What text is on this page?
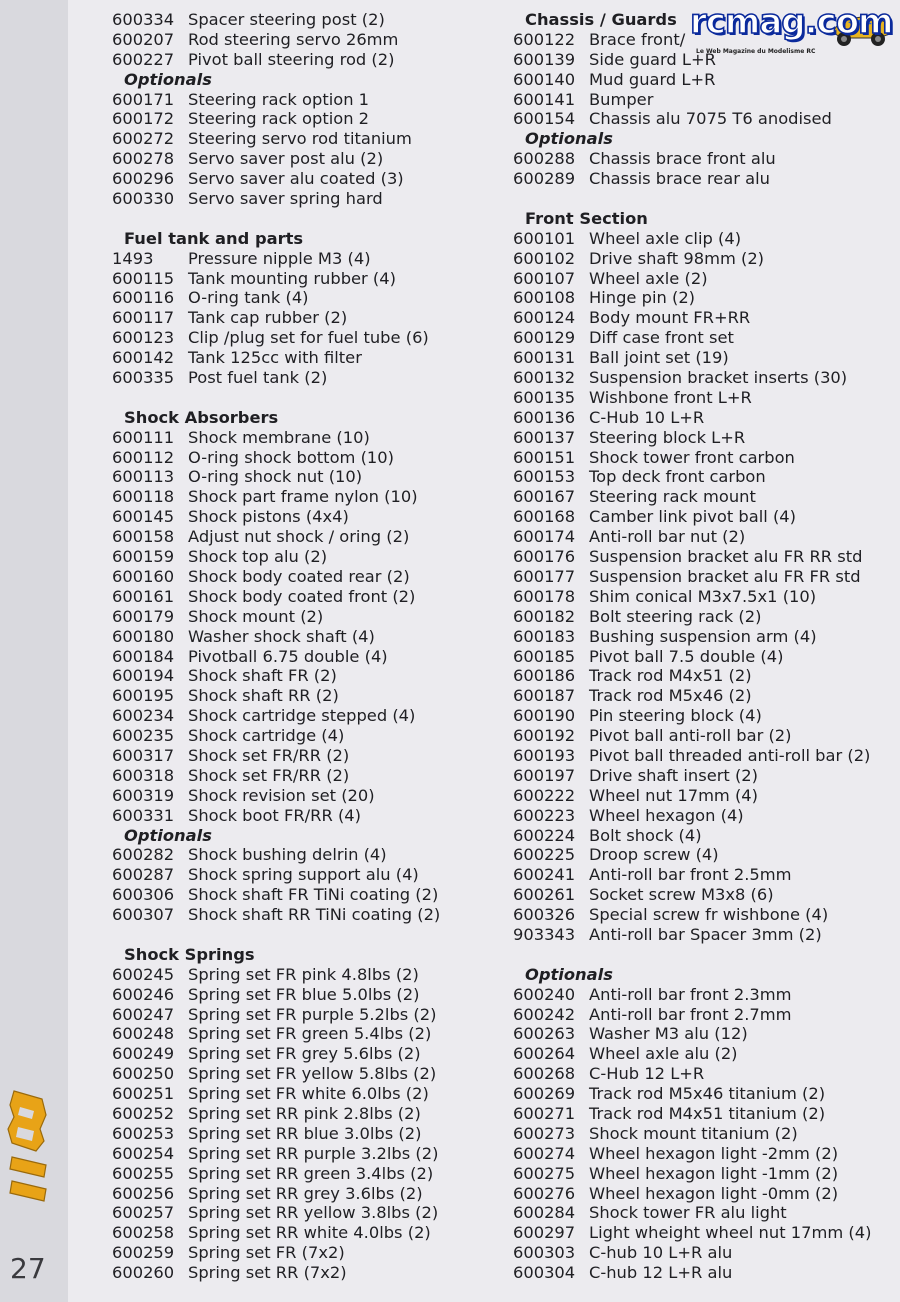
27
rcmag.com
Le Web Magazine du Modelisme RC
600334 Spacer steering post (2)
600207 Rod steering servo 26mm
600227 Pivot ball steering rod (2)
Optionals
600171 Steering rack option 1
600172 Steering rack option 2
600272 Steering servo rod titanium
600278 Servo saver post alu (2)
600296 Servo saver alu coated (3)
600330 Servo saver spring hard
Fuel tank and parts
1493	Pressure nipple M3 (4)
600115 Tank mounting rubber (4)
600116 O-ring tank (4)
600117 Tank cap rubber (2)
600123 Clip /plug set for fuel tube (6)
600142 Tank 125cc with filter
600335 Post fuel tank (2)
Shock Absorbers
600111 Shock membrane (10)
600112 O-ring shock bottom (10)
600113 O-ring shock nut (10)
600118 Shock part frame nylon (10)
600145 Shock pistons (4x4)
600158 Adjust nut shock / oring (2)
600159 Shock top alu (2)
600160 Shock body coated rear (2)
600161 Shock body coated front (2)
600179 Shock mount (2)
600180 Washer shock shaft (4)
600184 Pivotball 6.75 double (4)
600194 Shock shaft FR (2)
600195 Shock shaft RR (2)
600234 Shock cartridge stepped (4)
600235 Shock cartridge (4)
600317 Shock set FR/RR (2)
600318 Shock set FR/RR (2)
600319 Shock revision set (20)
600331 Shock boot FR/RR (4)
Optionals
600282 Shock bushing delrin (4)
600287 Shock spring support alu (4)
600306 Shock shaft FR TiNi coating (2)
600307 Shock shaft RR TiNi coating (2)
Shock Springs
600245 Spring set FR pink 4.8lbs (2)
600246 Spring set FR blue 5.0lbs (2)
600247 Spring set FR purple 5.2lbs (2)
600248 Spring set FR green 5.4lbs (2)
600249 Spring set FR grey 5.6lbs (2)
600250 Spring set FR yellow 5.8lbs (2)
600251 Spring set FR white 6.0lbs (2)
600252 Spring set RR pink 2.8lbs (2)
600253 Spring set RR blue 3.0lbs (2)
600254 Spring set RR purple 3.2lbs (2)
600255 Spring set RR green 3.4lbs (2)
600256 Spring set RR grey 3.6lbs (2)
600257 Spring set RR yellow 3.8lbs (2)
600258 Spring set RR white 4.0lbs (2)
600259 Spring set FR (7x2)
600260 Spring set RR (7x2)
Chassis / Guards
600122 Brace front/
600139 Side guard L+R
600140 Mud guard L+R
600141 Bumper
600154 Chassis alu 7075 T6 anodised
Optionals
600288 Chassis brace front alu
600289 Chassis brace rear alu
Front Section
600101 Wheel axle clip (4)
600102 Drive shaft 98mm (2)
600107 Wheel axle (2)
600108 Hinge pin (2)
600124 Body mount FR+RR
600129 Diff case front set
600131 Ball joint set (19)
600132 Suspension bracket inserts (30)
600135 Wishbone front L+R
600136 C-Hub 10 L+R
600137 Steering block L+R
600151 Shock tower front carbon
600153 Top deck front carbon
600167 Steering rack mount
600168 Camber link pivot ball (4)
600174 Anti-roll bar nut (2)
600176 Suspension bracket alu FR RR std
600177 Suspension bracket alu FR FR std
600178 Shim conical M3x7.5x1 (10)
600182 Bolt steering rack (2)
600183 Bushing suspension arm (4)
600185 Pivot ball 7.5 double (4)
600186 Track rod M4x51 (2)
600187 Track rod M5x46 (2)
600190 Pin steering block (4)
600192 Pivot ball anti-roll bar (2)
600193 Pivot ball threaded anti-roll bar (2)
600197 Drive shaft insert (2)
600222 Wheel nut 17mm (4)
600223 Wheel hexagon (4)
600224 Bolt shock (4)
600225 Droop screw (4)
600241 Anti-roll bar front 2.5mm
600261 Socket screw M3x8 (6)
600326 Special screw fr wishbone (4)
903343 Anti-roll bar Spacer 3mm (2)
Optionals
600240 Anti-roll bar front 2.3mm
600242 Anti-roll bar front 2.7mm
600263 Washer M3 alu (12)
600264 Wheel axle alu (2)
600268 C-Hub 12 L+R
600269 Track rod M5x46 titanium (2)
600271 Track rod M4x51 titanium (2)
600273 Shock mount titanium (2)
600274 Wheel hexagon light -2mm (2)
600275 Wheel hexagon light -1mm (2)
600276 Wheel hexagon light -0mm (2)
600284 Shock tower FR alu light
600297 Light wheight wheel nut 17mm (4)
600303 C-hub 10 L+R alu
600304 C-hub 12 L+R alu
